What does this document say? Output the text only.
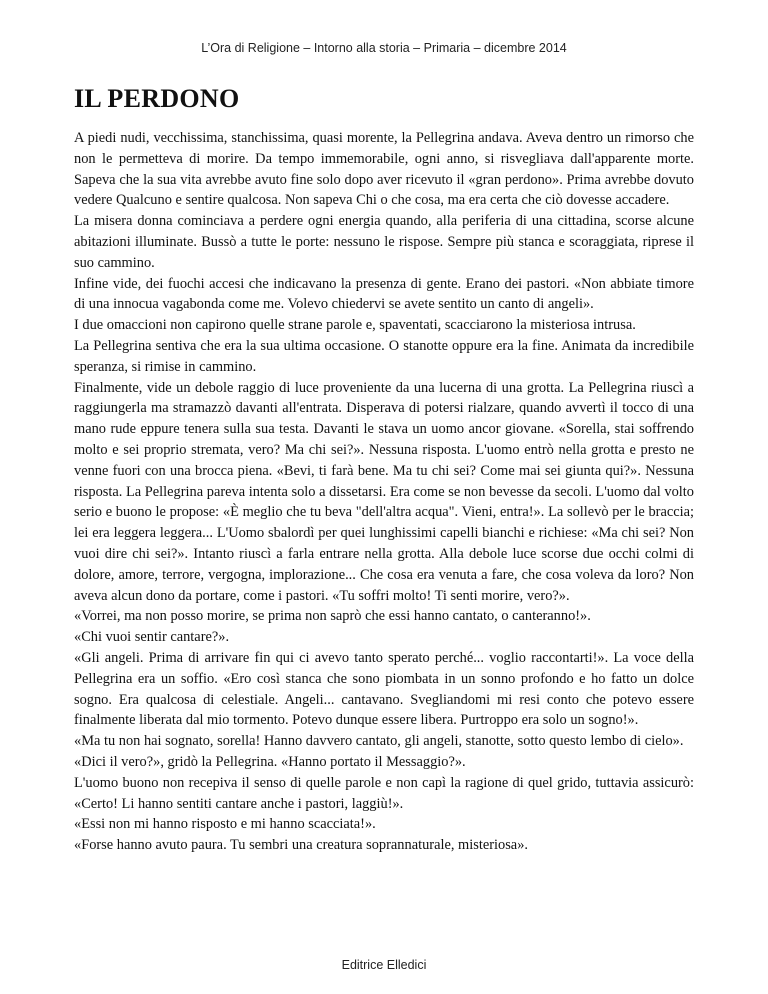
L’Ora di Religione – Intorno alla storia – Primaria – dicembre 2014
IL PERDONO

A piedi nudi, vecchissima, stanchissima, quasi morente, la Pellegrina andava. Aveva dentro un rimorso che non le permetteva di morire. Da tempo immemorabile, ogni anno, si risvegliava dall'apparente morte. Sapeva che la sua vita avrebbe avuto fine solo dopo aver ricevuto il «gran perdono». Prima avrebbe dovuto vedere Qualcuno e sentire qualcosa. Non sapeva Chi o che cosa, ma era certa che ciò dovesse accadere.

La misera donna cominciava a perdere ogni energia quando, alla periferia di una cittadina, scorse alcune abitazioni illuminate. Bussò a tutte le porte: nessuno le rispose. Sempre più stanca e scoraggiata, riprese il suo cammino.

Infine vide, dei fuochi accesi che indicavano la presenza di gente. Erano dei pastori. «Non abbiate timore di una innocua vagabonda come me. Volevo chiedervi se avete sentito un canto di angeli».

I due omaccioni non capirono quelle strane parole e, spaventati, scacciarono la misteriosa intrusa.

La Pellegrina sentiva che era la sua ultima occasione. O stanotte oppure era la fine. Animata da incredibile speranza, si rimise in cammino.

Finalmente, vide un debole raggio di luce proveniente da una lucerna di una grotta. La Pellegrina riuscì a raggiungerla ma stramazzò davanti all'entrata. Disperava di potersi rialzare, quando avvertì il tocco di una mano rude eppure tenera sulla sua testa. Davanti le stava un uomo ancor giovane. «Sorella, stai soffrendo molto e sei proprio stremata, vero? Ma chi sei?». Nessuna risposta. L'uomo entrò nella grotta e presto ne venne fuori con una brocca piena. «Bevi, ti farà bene. Ma tu chi sei? Come mai sei giunta qui?». Nessuna risposta. La Pellegrina pareva intenta solo a dissetarsi. Era come se non bevesse da secoli. L'uomo dal volto serio e buono le propose: «È meglio che tu beva "dell'altra acqua". Vieni, entra!». La sollevò per le braccia; lei era leggera leggera... L'Uomo sbalordì per quei lunghissimi capelli bianchi e richiese: «Ma chi sei? Non vuoi dire chi sei?». Intanto riuscì a farla entrare nella grotta. Alla debole luce scorse due occhi colmi di dolore, amore, terrore, vergogna, implorazione... Che cosa era venuta a fare, che cosa voleva da loro? Non aveva alcun dono da portare, come i pastori. «Tu soffri molto! Ti senti morire, vero?».

«Vorrei, ma non posso morire, se prima non saprò che essi hanno cantato, o canteranno!».

«Chi vuoi sentir cantare?».

«Gli angeli. Prima di arrivare fin qui ci avevo tanto sperato perché... voglio raccontarti!». La voce della Pellegrina era un soffio. «Ero così stanca che sono piombata in un sonno profondo e ho fatto un dolce sogno. Era qualcosa di celestiale. Angeli... cantavano. Svegliandomi mi resi conto che potevo essere finalmente liberata dal mio tormento. Potevo dunque essere libera. Purtroppo era solo un sogno!».

«Ma tu non hai sognato, sorella! Hanno davvero cantato, gli angeli, stanotte, sotto questo lembo di cielo».

«Dici il vero?», gridò la Pellegrina. «Hanno portato il Messaggio?».

L'uomo buono non recepiva il senso di quelle parole e non capì la ragione di quel grido, tuttavia assicurò: «Certo! Li hanno sentiti cantare anche i pastori, laggiù!».

«Essi non mi hanno risposto e mi hanno scacciata!».

«Forse hanno avuto paura. Tu sembri una creatura soprannaturale, misteriosa».

Editrice Elledici
